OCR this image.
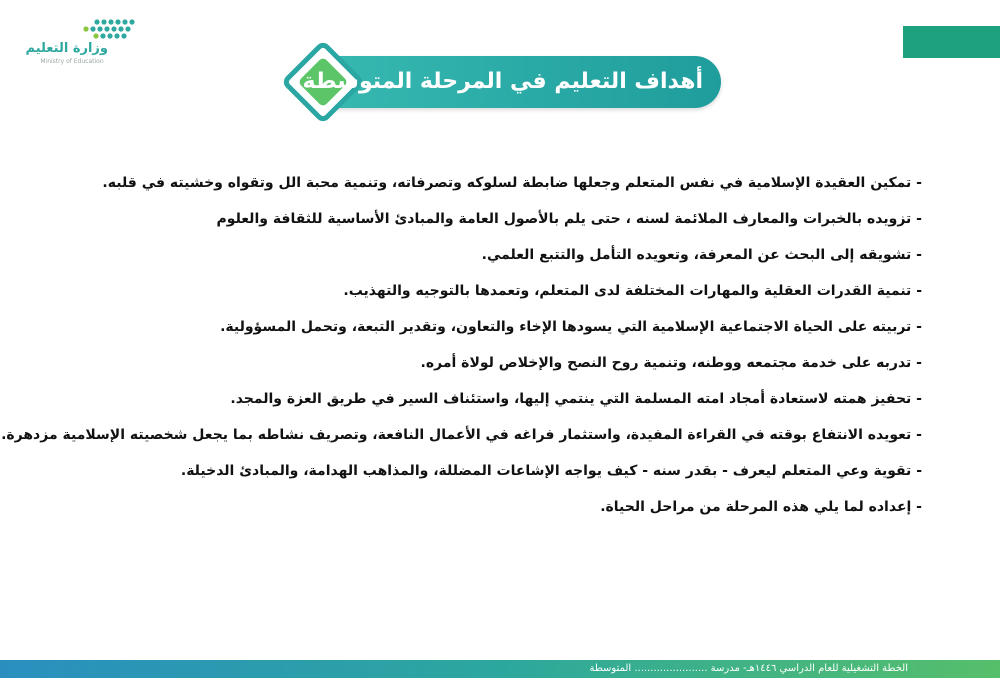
وزارة التعليم
Ministry of Education
أهداف التعليم في المرحلة المتوسطة
- تمكين العقيدة الإسلامية في نفس المتعلم وجعلها ضابطة لسلوكه وتصرفاته، وتنمية محبة الل وتقواه وخشيته في قلبه.
- تزويده بالخبرات والمعارف الملائمة لسنه ، حتى يلم بالأصول العامة والمبادئ الأساسية للثقافة والعلوم
- تشويقه إلى البحث عن المعرفة، وتعويده التأمل والتتبع العلمي.
- تنمية القدرات العقلية والمهارات المختلفة لدى المتعلم، وتعمدها بالتوجيه والتهذيب.
- تربيته على الحياة الاجتماعية الإسلامية التي يسودها الإخاء والتعاون، وتقدير التبعة، وتحمل المسؤولية.
- تدربه على خدمة مجتمعه ووطنه، وتنمية روح النصح والإخلاص لولاة أمره.
- تحفيز همته لاستعادة أمجاد امته المسلمة التي ينتمي إليها، واستئناف السير في طريق العزة والمجد.
- تعويده الانتفاع بوقته في القراءة المفيدة، واستثمار فراغه في الأعمال النافعة، وتصريف نشاطه بما يجعل شخصيته الإسلامية مزدهرة.
- تقوية وعي المتعلم ليعرف - بقدر سنه - كيف يواجه الإشاعات المضللة، والمذاهب الهدامة، والمبادئ الدخيلة.
- إعداده لما يلي هذه المرحلة من مراحل الحياة.
الخطة التشغيلية للعام الدراسي ١٤٤٦هـ- مدرسة ....................... المتوسطة
